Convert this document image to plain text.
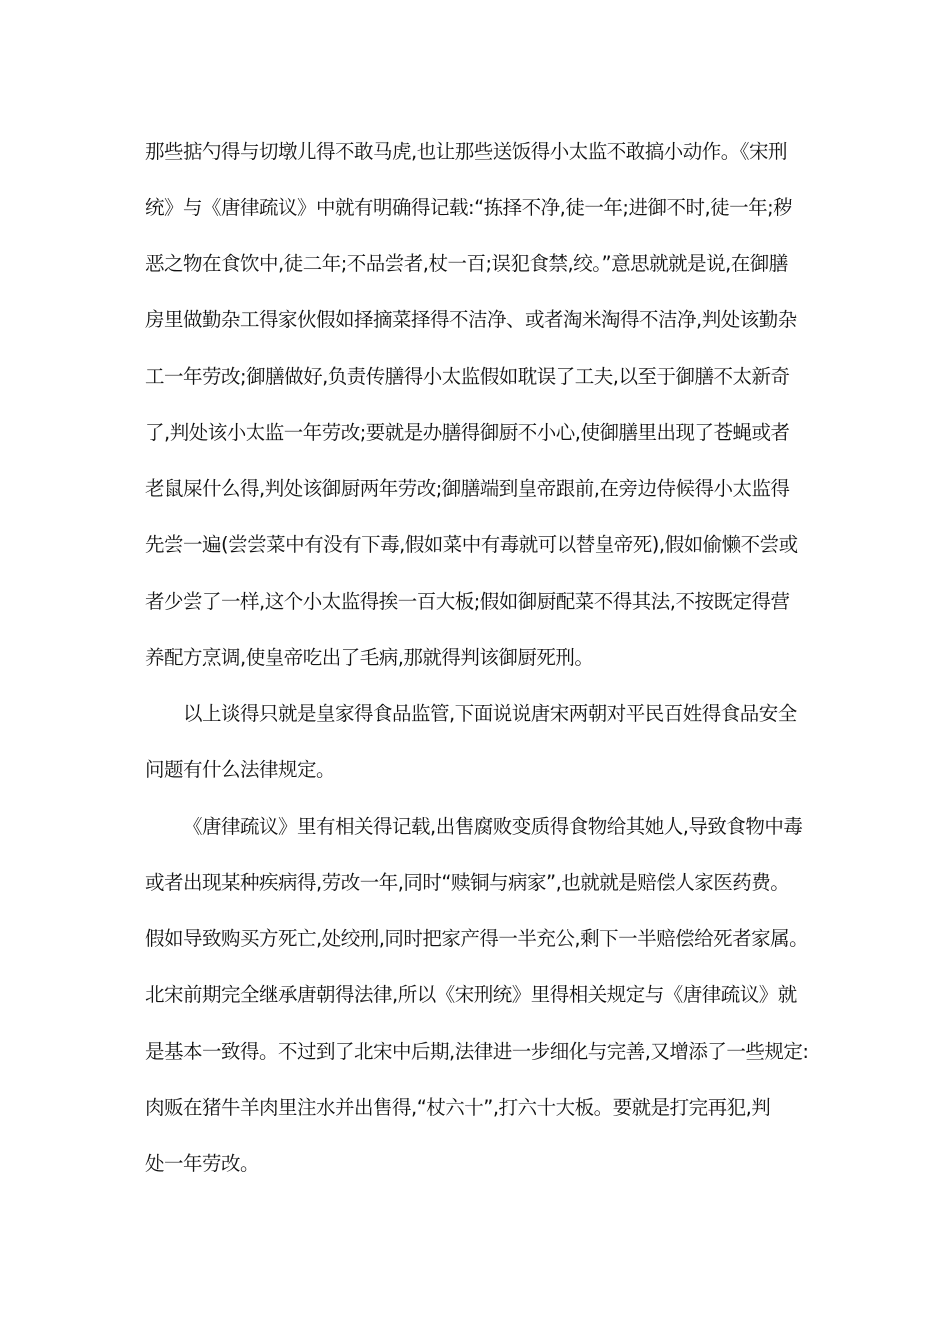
那些掂勺得与切墩儿得不敢马虎,也让那些送饭得小太监不敢搞小动作。《宋刑
统》与《唐律疏议》中就有明确得记载:“拣择不净,徒一年;进御不时,徒一年;秽
恶之物在食饮中,徒二年;不品尝者,杖一百;误犯食禁,绞。”意思就就是说,在御膳
房里做勤杂工得家伙假如择摘菜择得不洁净、或者淘米淘得不洁净,判处该勤杂
工一年劳改;御膳做好,负责传膳得小太监假如耽误了工夫,以至于御膳不太新奇
了,判处该小太监一年劳改;要就是办膳得御厨不小心,使御膳里出现了苍蝇或者
老鼠屎什么得,判处该御厨两年劳改;御膳端到皇帝跟前,在旁边侍候得小太监得
先尝一遍(尝尝菜中有没有下毒,假如菜中有毒就可以替皇帝死),假如偷懒不尝或
者少尝了一样,这个小太监得挨一百大板;假如御厨配菜不得其法,不按既定得营
养配方烹调,使皇帝吃出了毛病,那就得判该御厨死刑。
以上谈得只就是皇家得食品监管,下面说说唐宋两朝对平民百姓得食品安全
问题有什么法律规定。
《唐律疏议》里有相关得记载,出售腐败变质得食物给其她人,导致食物中毒
或者出现某种疾病得,劳改一年,同时“赎铜与病家”,也就就是赔偿人家医药费。
假如导致购买方死亡,处绞刑,同时把家产得一半充公,剩下一半赔偿给死者家属。
北宋前期完全继承唐朝得法律,所以《宋刑统》里得相关规定与《唐律疏议》就
是基本一致得。不过到了北宋中后期,法律进一步细化与完善,又增添了一些规定:
肉贩在猪牛羊肉里注水并出售得,“杖六十”,打六十大板。要就是打完再犯,判
处一年劳改。
